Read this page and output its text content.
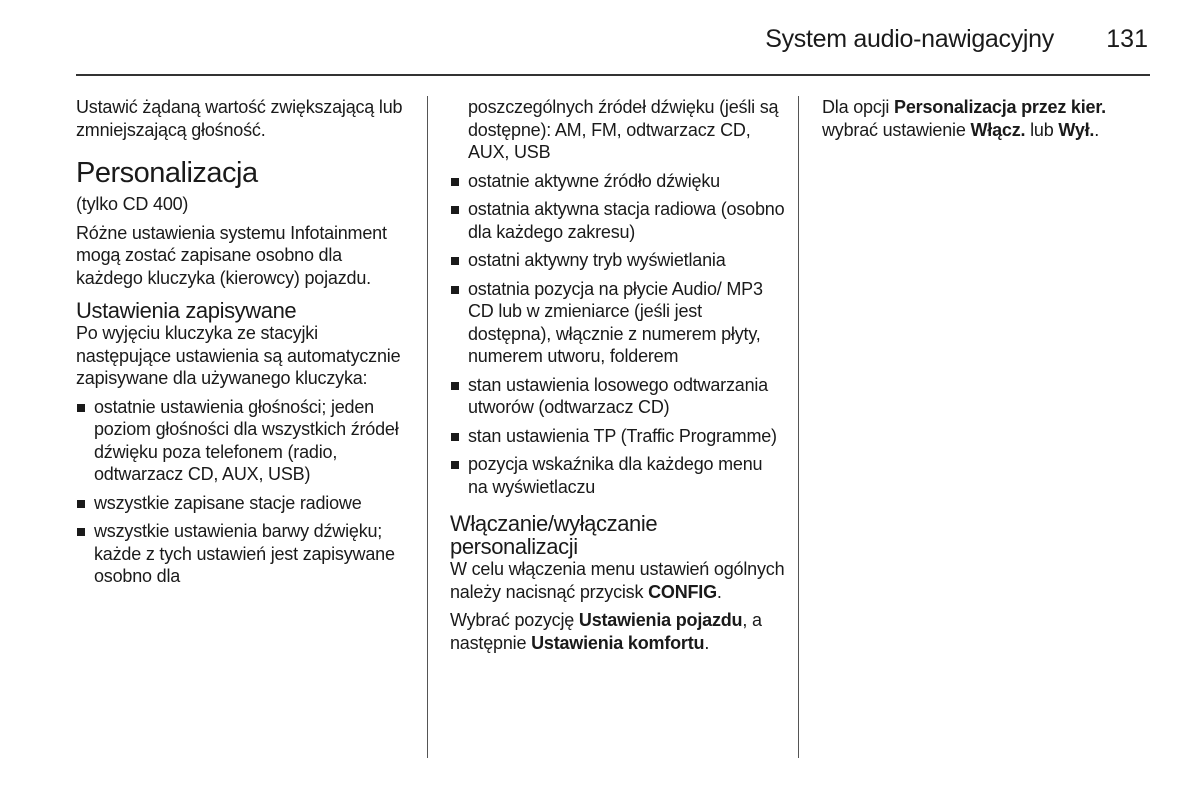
System audio-nawigacyjny 131

Ustawić żądaną wartość zwiększającą lub zmniejszającą głośność.

Personalizacja

(tylko CD 400)

Różne ustawienia systemu Infotainment mogą zostać zapisane osobno dla każdego kluczyka (kierowcy) pojazdu.

Ustawienia zapisywane

Po wyjęciu kluczyka ze stacyjki następujące ustawienia są automatycznie zapisywane dla używanego kluczyka:

ostatnie ustawienia głośności; jeden poziom głośności dla wszystkich źródeł dźwięku poza telefonem (radio, odtwarzacz CD, AUX, USB)
wszystkie zapisane stacje radiowe
wszystkie ustawienia barwy dźwięku; każde z tych ustawień jest zapisywane osobno dla

poszczególnych źródeł dźwięku (jeśli są dostępne): AM, FM, odtwarzacz CD, AUX, USB

ostatnie aktywne źródło dźwięku
ostatnia aktywna stacja radiowa (osobno dla każdego zakresu)
ostatni aktywny tryb wyświetlania
ostatnia pozycja na płycie Audio/ MP3 CD lub w zmieniarce (jeśli jest dostępna), włącznie z numerem płyty, numerem utworu, folderem
stan ustawienia losowego odtwarzania utworów (odtwarzacz CD)
stan ustawienia TP (Traffic Programme)
pozycja wskaźnika dla każdego menu na wyświetlaczu
Włączanie/wyłączanie personalizacji

W celu włączenia menu ustawień ogólnych należy nacisnąć przycisk CONFIG.

Wybrać pozycję Ustawienia pojazdu, a następnie Ustawienia komfortu.

Dla opcji Personalizacja przez kier. wybrać ustawienie Włącz. lub Wył..
